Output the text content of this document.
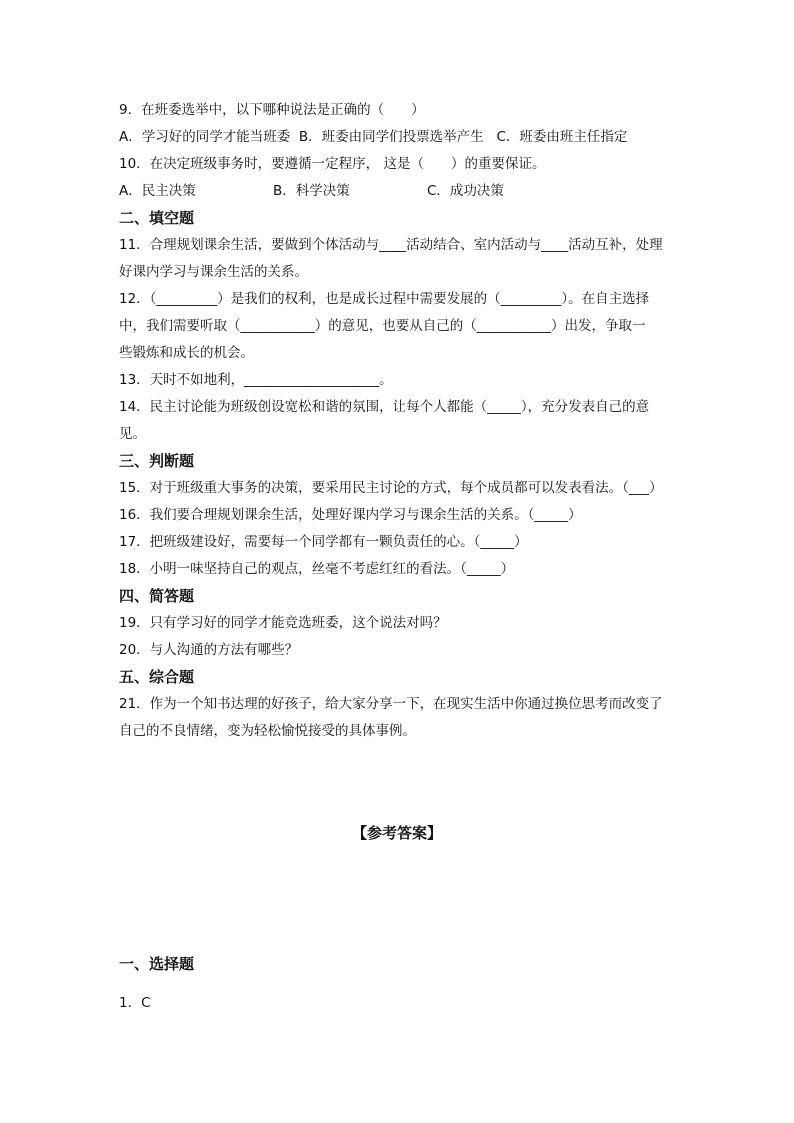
9．在班委选举中，以下哪种说法是正确的（　　）

A．学习好的同学才能当班委  B．班委由同学们投票选举产生   C．班委由班主任指定

10．在决定班级事务时，要遵循一定程序， 这是（　　）的重要保证。

A．民主决策                  B．科学决策                  C．成功决策

二、填空题

11．合理规划课余生活，要做到个体活动与____活动结合、室内活动与____活动互补，处理

好课内学习与课余生活的关系。

12．（_________）是我们的权利，也是成长过程中需要发展的（_________）。在自主选择

中，我们需要听取（___________）的意见，也要从自己的（___________）出发，争取一

些锻炼和成长的机会。

13．天时不如地利，____________________。

14．民主讨论能为班级创设宽松和谐的氛围，让每个人都能（_____），充分发表自己的意

见。

三、判断题

15．对于班级重大事务的决策，要采用民主讨论的方式，每个成员都可以发表看法。（___）

16．我们要合理规划课余生活，处理好课内学习与课余生活的关系。（_____）

17．把班级建设好，需要每一个同学都有一颗负责任的心。（_____）

18．小明一味坚持自己的观点，丝毫不考虑红红的看法。（_____）

四、简答题

19．只有学习好的同学才能竞选班委，这个说法对吗？

20．与人沟通的方法有哪些？

五、综合题

21．作为一个知书达理的好孩子，给大家分享一下，在现实生活中你通过换位思考而改变了

自己的不良情绪，变为轻松愉悦接受的具体事例。

【参考答案】

一、选择题

1．C
